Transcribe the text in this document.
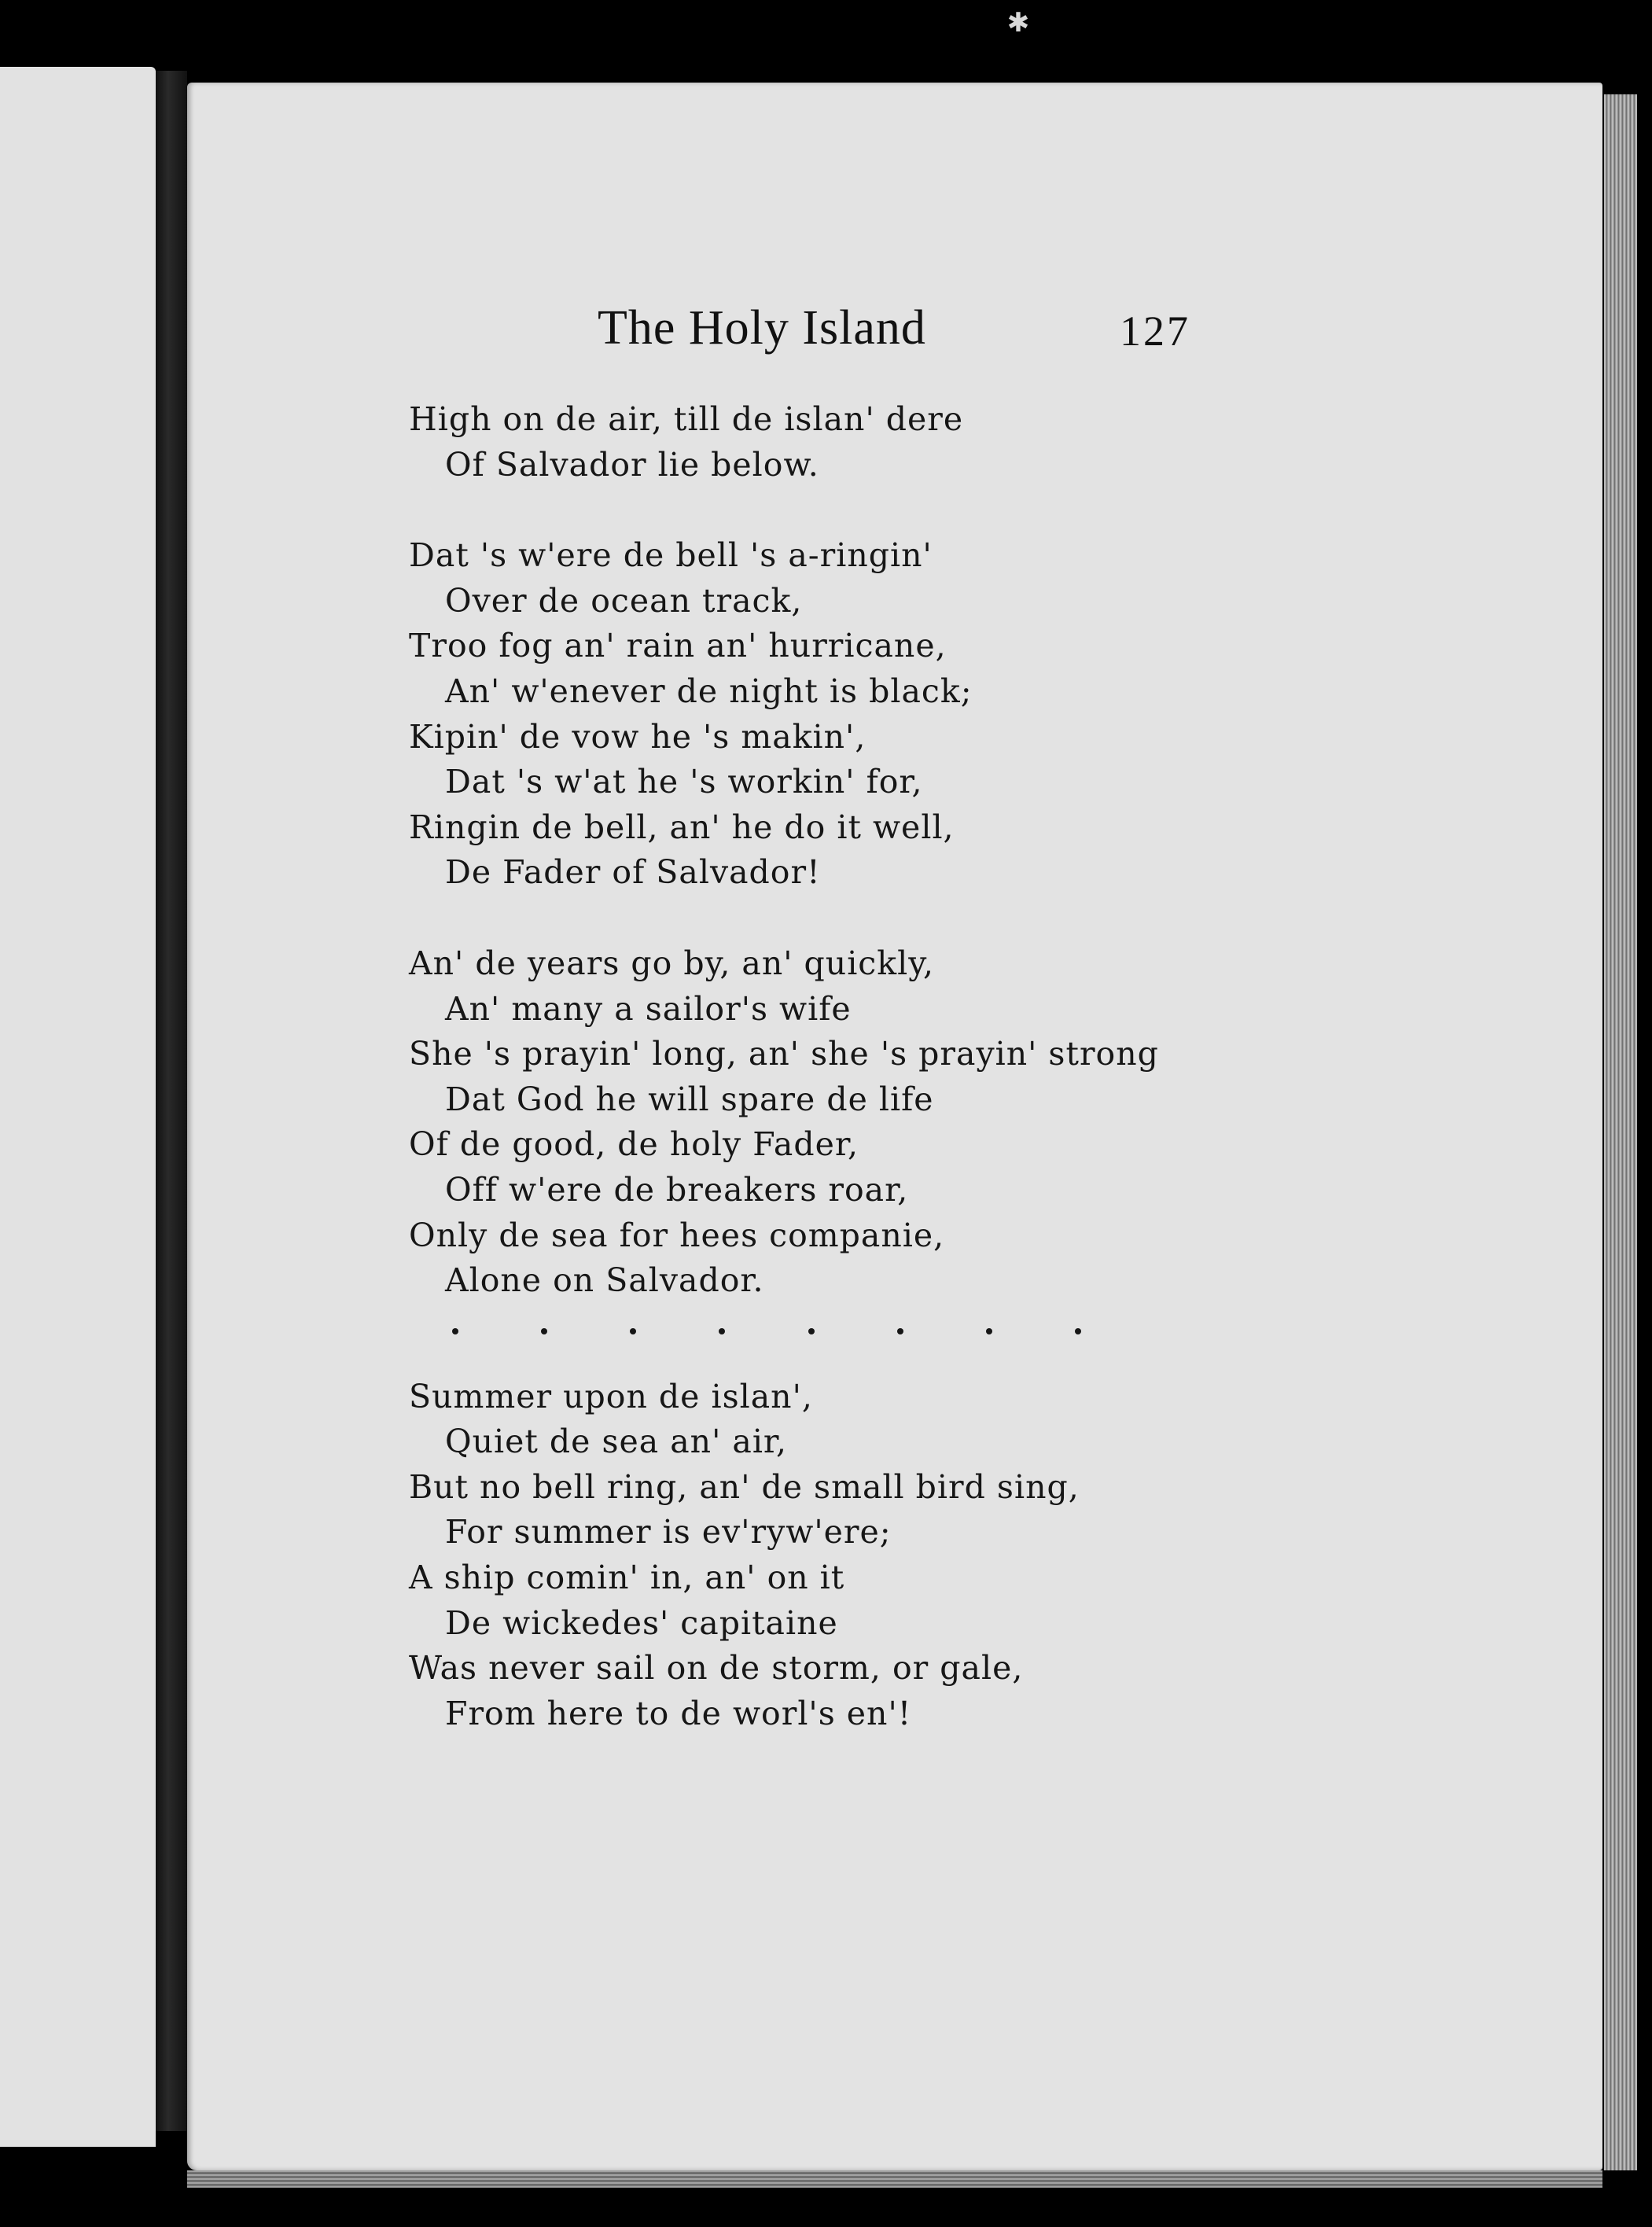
✱
The Holy Island	127
High on de air, till de islan' dere
Of Salvador lie below.
Dat 's w'ere de bell 's a-ringin'
Over de ocean track,
Troo fog an' rain an' hurricane,
An' w'enever de night is black;
Kipin' de vow he 's makin',
Dat 's w'at he 's workin' for,
Ringin de bell, an' he do it well,
De Fader of Salvador!
An' de years go by, an' quickly,
An' many a sailor's wife
She 's prayin' long, an' she 's prayin' strong
Dat God he will spare de life
Of de good, de holy Fader,
Off w'ere de breakers roar,
Only de sea for hees companie,
Alone on Salvador.
Summer upon de islan',
Quiet de sea an' air,
But no bell ring, an' de small bird sing,
For summer is ev'ryw'ere;
A ship comin' in, an' on it
De wickedes' capitaine
Was never sail on de storm, or gale,
From here to de worl's en'!
